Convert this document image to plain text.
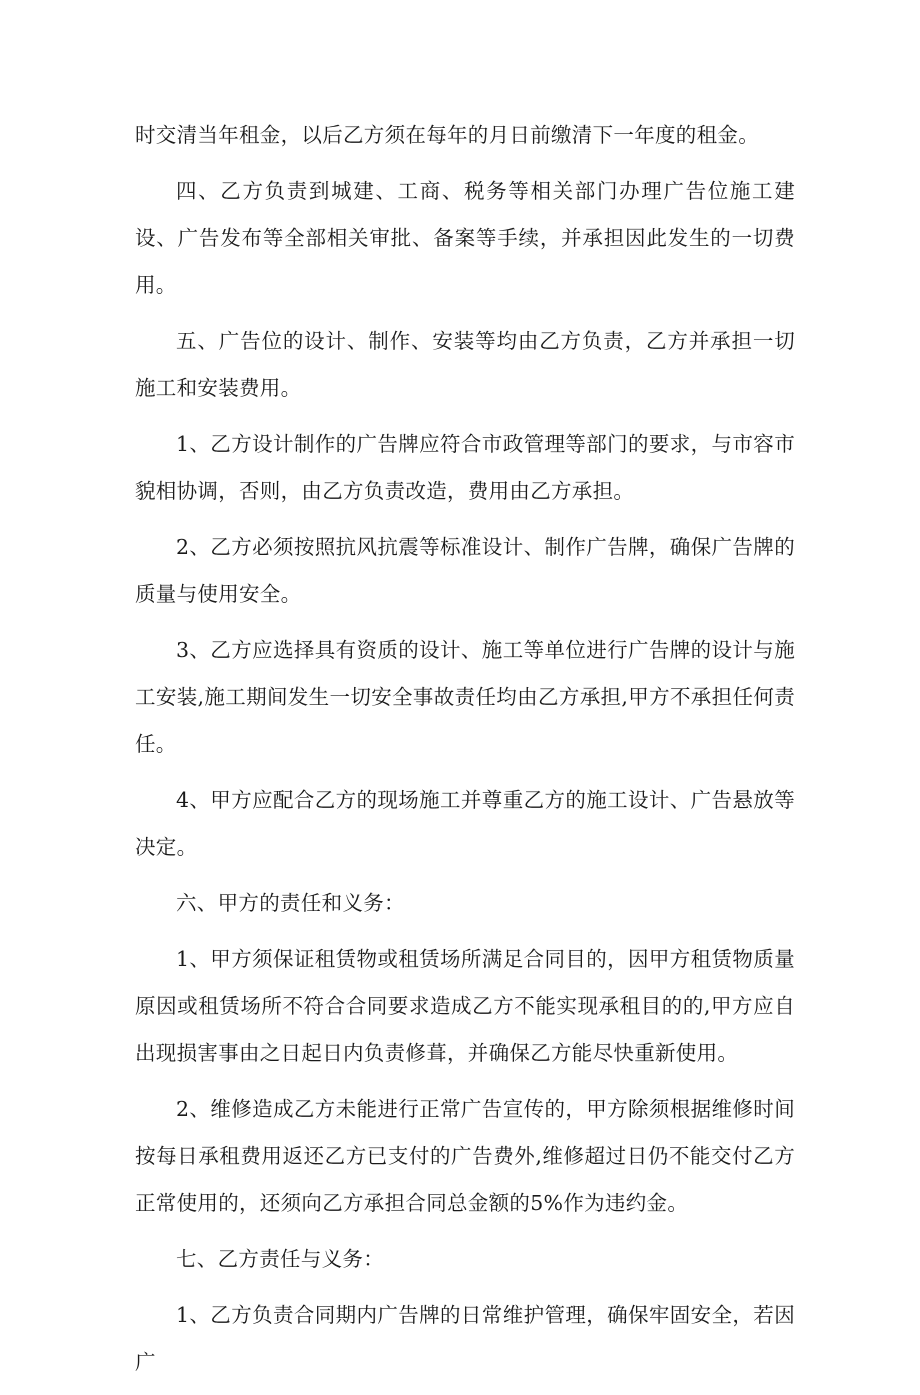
时交清当年租金，以后乙方须在每年的月日前缴清下一年度的租金。

四、乙方负责到城建、工商、税务等相关部门办理广告位施工建设、广告发布等全部相关审批、备案等手续，并承担因此发生的一切费用。

五、广告位的设计、制作、安装等均由乙方负责，乙方并承担一切施工和安装费用。

1、乙方设计制作的广告牌应符合市政管理等部门的要求，与市容市貌相协调，否则，由乙方负责改造，费用由乙方承担。

2、乙方必须按照抗风抗震等标准设计、制作广告牌，确保广告牌的质量与使用安全。

3、乙方应选择具有资质的设计、施工等单位进行广告牌的设计与施工安装,施工期间发生一切安全事故责任均由乙方承担,甲方不承担任何责任。

4、甲方应配合乙方的现场施工并尊重乙方的施工设计、广告悬放等决定。

六、甲方的责任和义务：

1、甲方须保证租赁物或租赁场所满足合同目的，因甲方租赁物质量原因或租赁场所不符合合同要求造成乙方不能实现承租目的的,甲方应自出现损害事由之日起日内负责修葺，并确保乙方能尽快重新使用。

2、维修造成乙方未能进行正常广告宣传的，甲方除须根据维修时间按每日承租费用返还乙方已支付的广告费外,维修超过日仍不能交付乙方正常使用的，还须向乙方承担合同总金额的5%作为违约金。

七、乙方责任与义务：

1、乙方负责合同期内广告牌的日常维护管理，确保牢固安全，若因广
